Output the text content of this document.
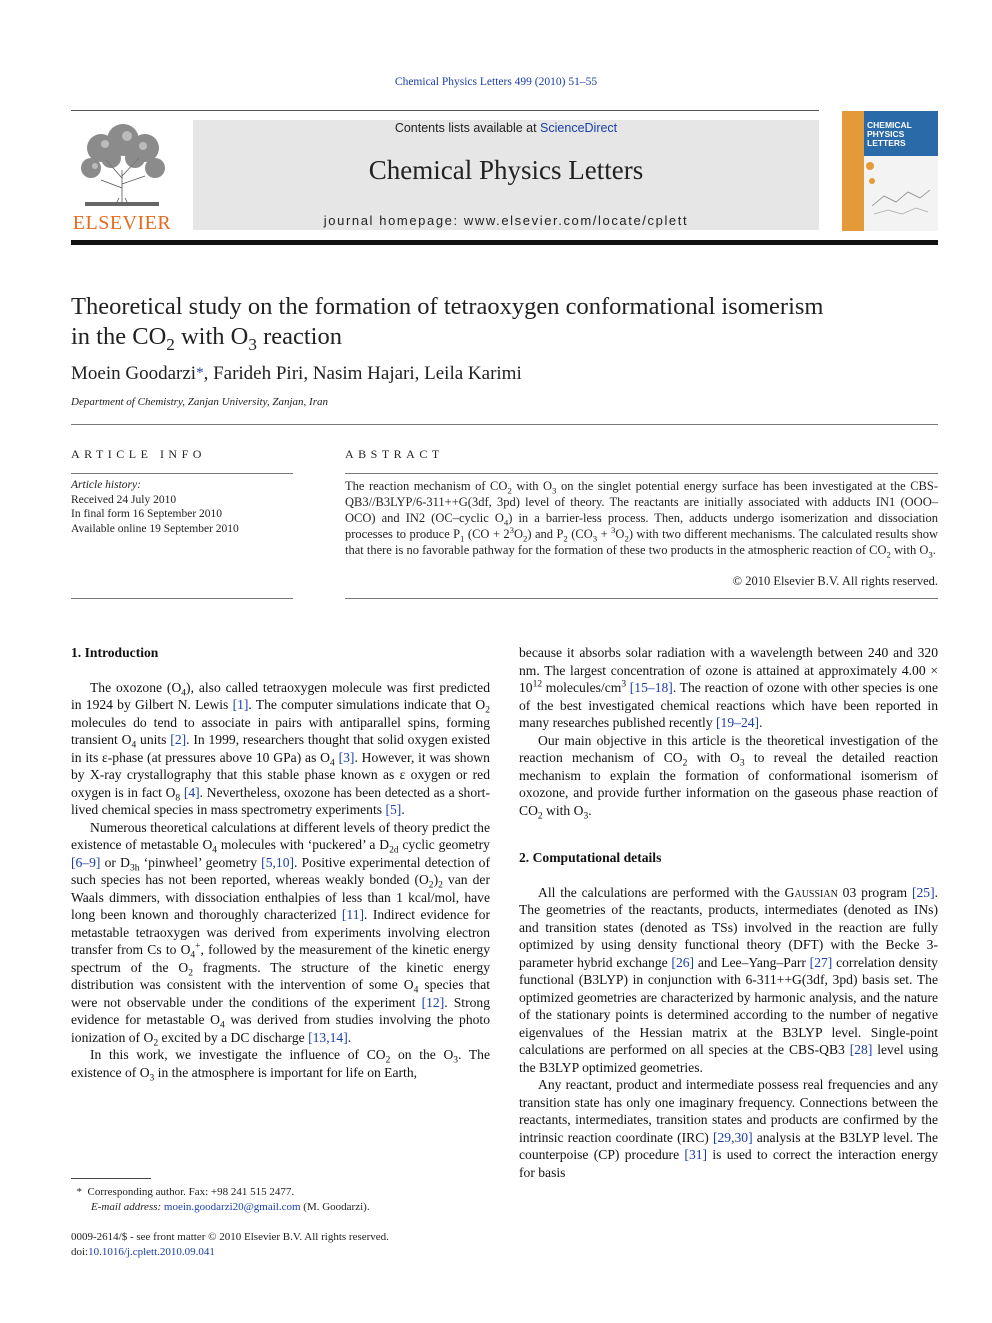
Chemical Physics Letters 499 (2010) 51–55
ELSEVIER
Contents lists available at ScienceDirect
Chemical Physics Letters
journal homepage: www.elsevier.com/locate/cplett
CHEMICAL PHYSICS LETTERS
Theoretical study on the formation of tetraoxygen conformational isomerism
in the $CO_2$ with $O_3$ reaction
Moein Goodarzi*, Farideh Piri, Nasim Hajari, Leila Karimi
Department of Chemistry, Zanjan University, Zanjan, Iran
ARTICLE INFO
Article history:
Received 24 July 2010
In final form 16 September 2010
Available online 19 September 2010
ABSTRACT
The reaction mechanism of $CO_2$ with $O_3$ on the singlet potential energy surface has been investigated at the CBS-QB3//B3LYP/6-311++G(3df, 3pd) level of theory. The reactants are initially associated with adducts IN1 (OOO–OCO) and IN2 (OC–cyclic $O_4$) in a barrier-less process. Then, adducts undergo isomerization and dissociation processes to produce $P_1$ $(CO + 2^3O_2)$ and $P_2$ $(CO_3 + ^3O_2)$ with two different mechanisms. The calculated results show that there is no favorable pathway for the formation of these two products in the atmospheric reaction of $CO_2$ with $O_3$.
© 2010 Elsevier B.V. All rights reserved.
1. Introduction

The oxozone $(O_4)$, also called tetraoxygen molecule was first predicted in 1924 by Gilbert N. Lewis [1]. The computer simulations indicate that $O_2$ molecules do tend to associate in pairs with antiparallel spins, forming transient $O_4$ units [2]. In 1999, researchers thought that solid oxygen existed in its ε-phase (at pressures above 10 GPa) as $O_4$ [3]. However, it was shown by X-ray crystallography that this stable phase known as ε oxygen or red oxygen is in fact $O_8$ [4]. Nevertheless, oxozone has been detected as a short-lived chemical species in mass spectrometry experiments [5].

Numerous theoretical calculations at different levels of theory predict the existence of metastable $O_4$ molecules with ‘puckered’ a $D_{2d}$ cyclic geometry [6–9] or $D_{3h}$ ‘pinwheel’ geometry [5,10]. Positive experimental detection of such species has not been reported, whereas weakly bonded $(O_2)_2$ van der Waals dimmers, with dissociation enthalpies of less than 1 kcal/mol, have long been known and thoroughly characterized [11]. Indirect evidence for metastable tetraoxygen was derived from experiments involving electron transfer from Cs to $O_4^+$, followed by the measurement of the kinetic energy spectrum of the $O_2$ fragments. The structure of the kinetic energy distribution was consistent with the intervention of some $O_4$ species that were not observable under the conditions of the experiment [12]. Strong evidence for metastable $O_4$ was derived from studies involving the photo ionization of $O_2$ excited by a DC discharge [13,14].

In this work, we investigate the influence of $CO_2$ on the $O_3$. The existence of $O_3$ in the atmosphere is important for life on Earth,

* Corresponding author. Fax: +98 241 515 2477.
E-mail address: moein.goodarzi20@gmail.com (M. Goodarzi).
0009-2614/$ - see front matter © 2010 Elsevier B.V. All rights reserved.
doi:10.1016/j.cplett.2010.09.041

because it absorbs solar radiation with a wavelength between 240 and 320 nm. The largest concentration of ozone is attained at approximately $4.00 \times 10^{12}$ molecules/$cm^3$ [15–18]. The reaction of ozone with other species is one of the best investigated chemical reactions which have been reported in many researches published recently [19–24].

Our main objective in this article is the theoretical investigation of the reaction mechanism of $CO_2$ with $O_3$ to reveal the detailed reaction mechanism to explain the formation of conformational isomerism of oxozone, and provide further information on the gaseous phase reaction of $CO_2$ with $O_3$.

2. Computational details

All the calculations are performed with the Gaussian 03 program [25]. The geometries of the reactants, products, intermediates (denoted as INs) and transition states (denoted as TSs) involved in the reaction are fully optimized by using density functional theory (DFT) with the Becke 3-parameter hybrid exchange [26] and Lee–Yang–Parr [27] correlation density functional (B3LYP) in conjunction with 6-311++G(3df, 3pd) basis set. The optimized geometries are characterized by harmonic analysis, and the nature of the stationary points is determined according to the number of negative eigenvalues of the Hessian matrix at the B3LYP level. Single-point calculations are performed on all species at the CBS-QB3 [28] level using the B3LYP optimized geometries.

Any reactant, product and intermediate possess real frequencies and any transition state has only one imaginary frequency. Connections between the reactants, intermediates, transition states and products are confirmed by the intrinsic reaction coordinate (IRC) [29,30] analysis at the B3LYP level. The counterpoise (CP) procedure [31] is used to correct the interaction energy for basis
